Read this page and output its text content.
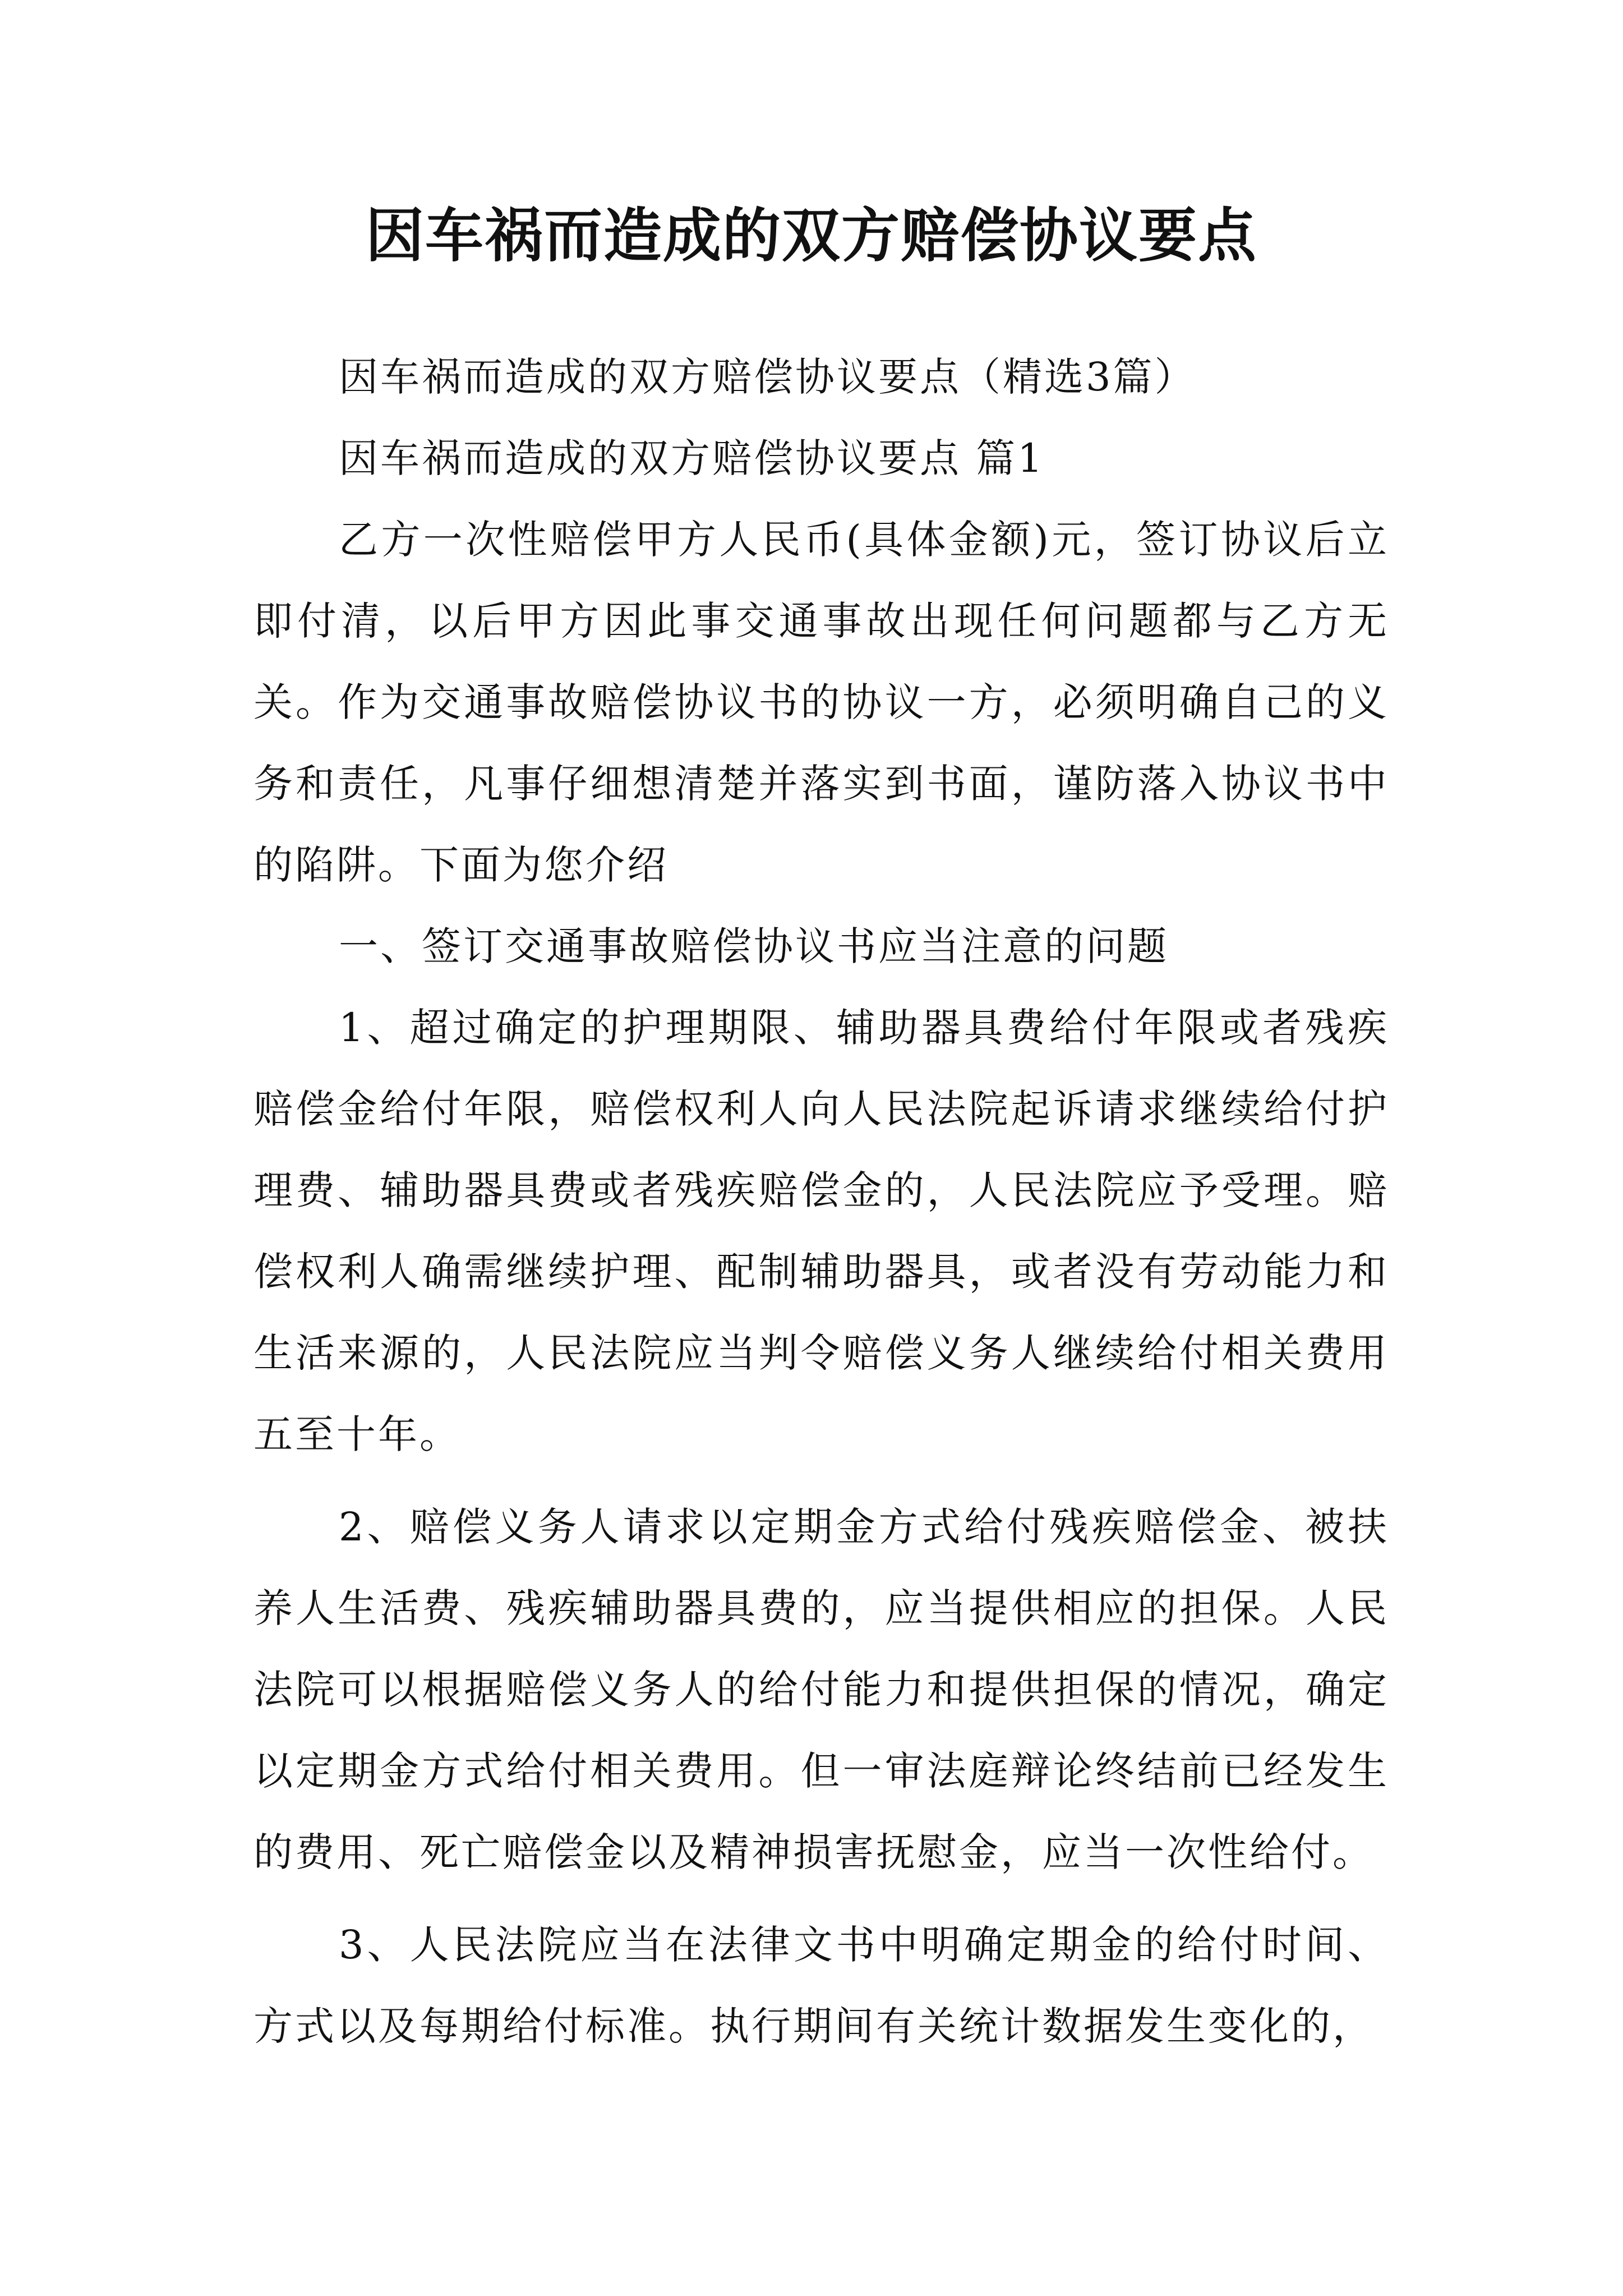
因车祸而造成的双方赔偿协议要点

因车祸而造成的双方赔偿协议要点（精选3篇）

因车祸而造成的双方赔偿协议要点 篇1

乙方一次性赔偿甲方人民币(具体金额)元，签订协议后立即付清，以后甲方因此事交通事故出现任何问题都与乙方无关。作为交通事故赔偿协议书的协议一方，必须明确自己的义务和责任，凡事仔细想清楚并落实到书面，谨防落入协议书中的陷阱。下面为您介绍

一、签订交通事故赔偿协议书应当注意的问题

1、超过确定的护理期限、辅助器具费给付年限或者残疾赔偿金给付年限，赔偿权利人向人民法院起诉请求继续给付护理费、辅助器具费或者残疾赔偿金的，人民法院应予受理。赔偿权利人确需继续护理、配制辅助器具，或者没有劳动能力和生活来源的，人民法院应当判令赔偿义务人继续给付相关费用五至十年。

2、赔偿义务人请求以定期金方式给付残疾赔偿金、被扶养人生活费、残疾辅助器具费的，应当提供相应的担保。人民法院可以根据赔偿义务人的给付能力和提供担保的情况，确定以定期金方式给付相关费用。但一审法庭辩论终结前已经发生的费用、死亡赔偿金以及精神损害抚慰金，应当一次性给付。

3、人民法院应当在法律文书中明确定期金的给付时间、方式以及每期给付标准。执行期间有关统计数据发生变化的，
